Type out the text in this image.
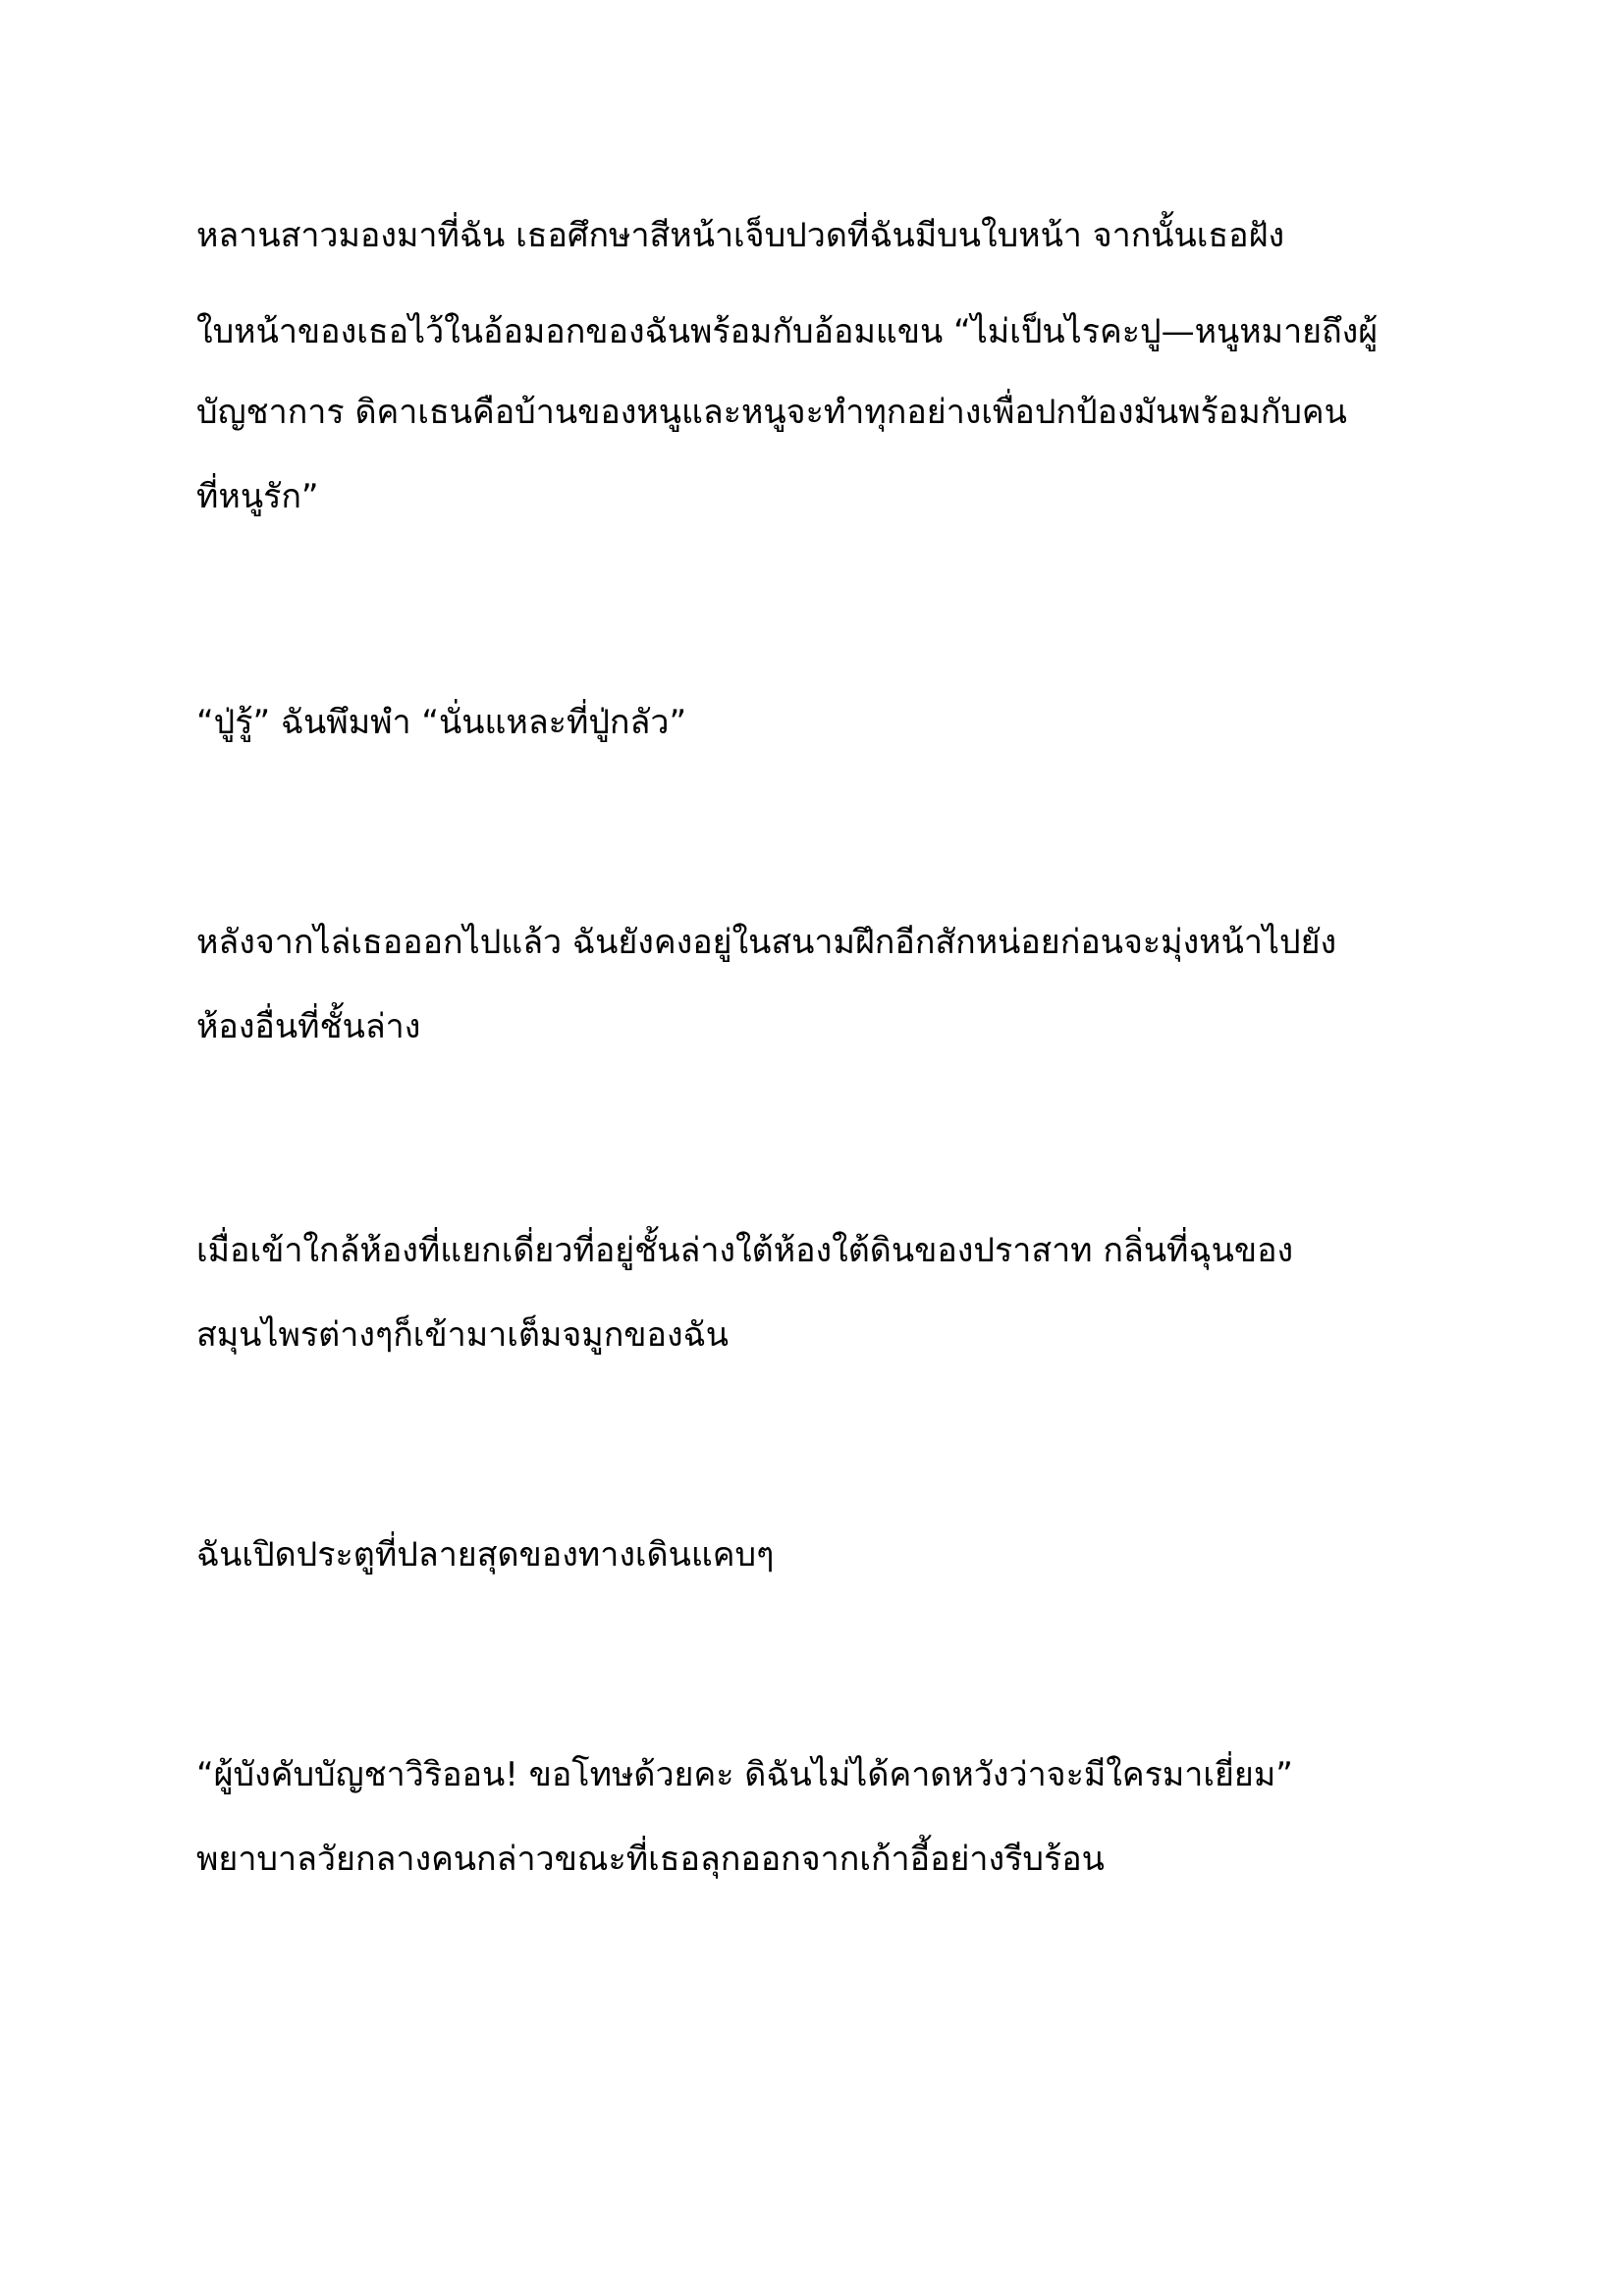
หลานสาวมองมาที่ฉัน เธอศึกษาสีหน้าเจ็บปวดที่ฉันมีบนใบหน้า จากนั้นเธอฝัง

ใบหน้าของเธอไว้ในอ้อมอกของฉันพร้อมกับอ้อมแขน “ไม่เป็นไรคะปู—หนูหมายถึงผู้

บัญชาการ ดิคาเธนคือบ้านของหนูและหนูจะทำทุกอย่างเพื่อปกป้องมันพร้อมกับคน

ที่หนูรัก”

“ปู่รู้” ฉันพึมพำ “นั่นแหละที่ปู่กลัว”

หลังจากไล่เธอออกไปแล้ว ฉันยังคงอยู่ในสนามฝึกอีกสักหน่อยก่อนจะมุ่งหน้าไปยัง

ห้องอื่นที่ชั้นล่าง

เมื่อเข้าใกล้ห้องที่แยกเดี่ยวที่อยู่ชั้นล่างใต้ห้องใต้ดินของปราสาท กลิ่นที่ฉุนของ

สมุนไพรต่างๆก็เข้ามาเต็มจมูกของฉัน

ฉันเปิดประตูที่ปลายสุดของทางเดินแคบๆ

“ผู้บังคับบัญชาวิริออน! ขอโทษด้วยคะ ดิฉันไม่ได้คาดหวังว่าจะมีใครมาเยี่ยม”

พยาบาลวัยกลางคนกล่าวขณะที่เธอลุกออกจากเก้าอี้อย่างรีบร้อน
